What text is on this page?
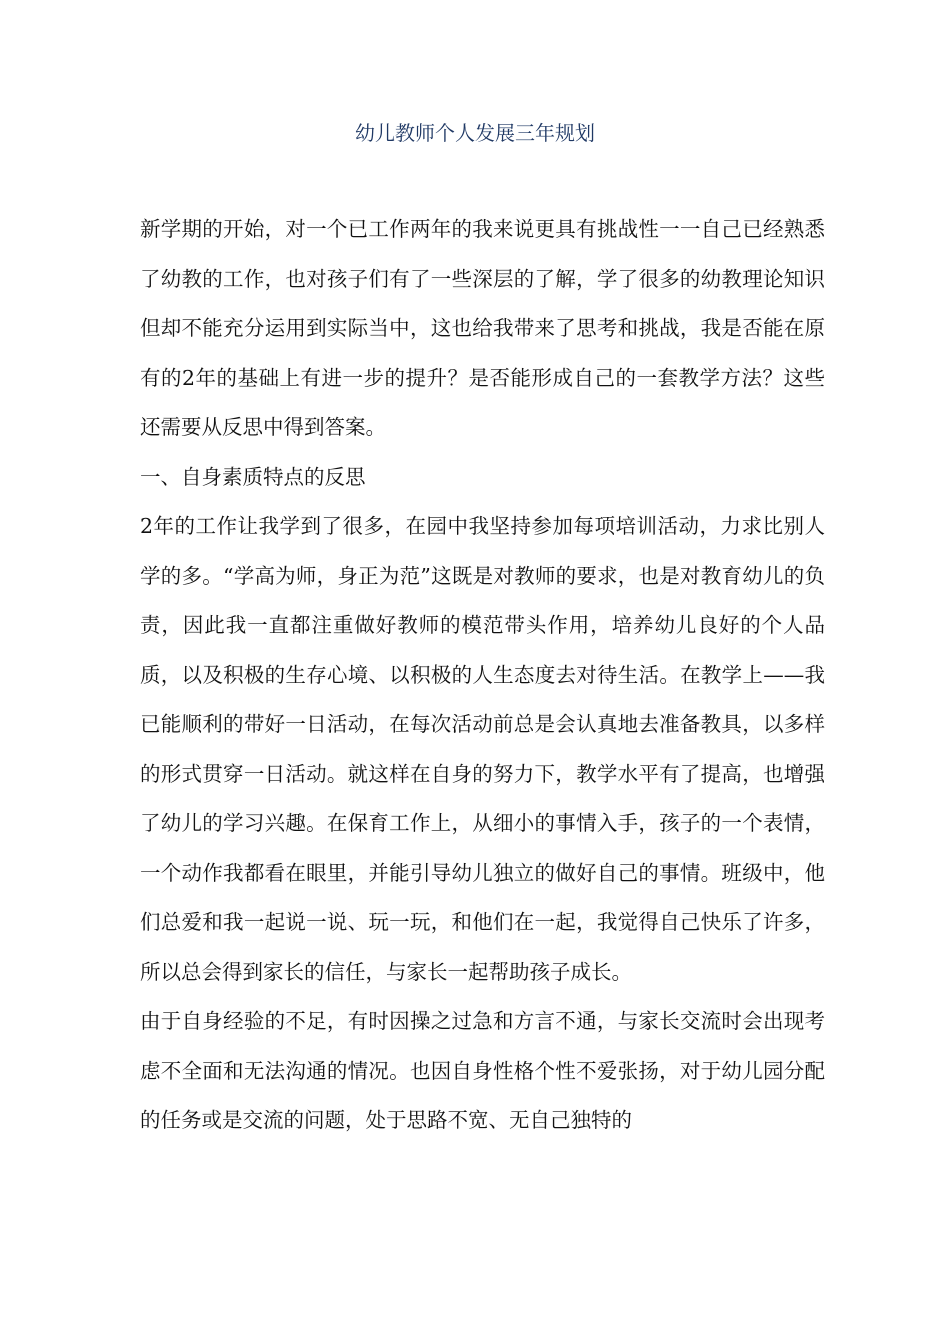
幼儿教师个人发展三年规划

新学期的开始，对一个已工作两年的我来说更具有挑战性一一自己已经熟悉了幼教的工作，也对孩子们有了一些深层的了解，学了很多的幼教理论知识但却不能充分运用到实际当中，这也给我带来了思考和挑战，我是否能在原有的2年的基础上有进一步的提升？是否能形成自己的一套教学方法？这些还需要从反思中得到答案。

一、自身素质特点的反思

2年的工作让我学到了很多，在园中我坚持参加每项培训活动，力求比别人学的多。“学高为师，身正为范”这既是对教师的要求，也是对教育幼儿的负责，因此我一直都注重做好教师的模范带头作用，培养幼儿良好的个人品质，以及积极的生存心境、以积极的人生态度去对待生活。在教学上——我已能顺利的带好一日活动，在每次活动前总是会认真地去准备教具，以多样的形式贯穿一日活动。就这样在自身的努力下，教学水平有了提高，也增强了幼儿的学习兴趣。在保育工作上，从细小的事情入手，孩子的一个表情，一个动作我都看在眼里，并能引导幼儿独立的做好自己的事情。班级中，他们总爱和我一起说一说、玩一玩，和他们在一起，我觉得自己快乐了许多，所以总会得到家长的信任，与家长一起帮助孩子成长。

由于自身经验的不足，有时因操之过急和方言不通，与家长交流时会出现考虑不全面和无法沟通的情况。也因自身性格个性不爱张扬，对于幼儿园分配的任务或是交流的问题，处于思路不宽、无自己独特的
